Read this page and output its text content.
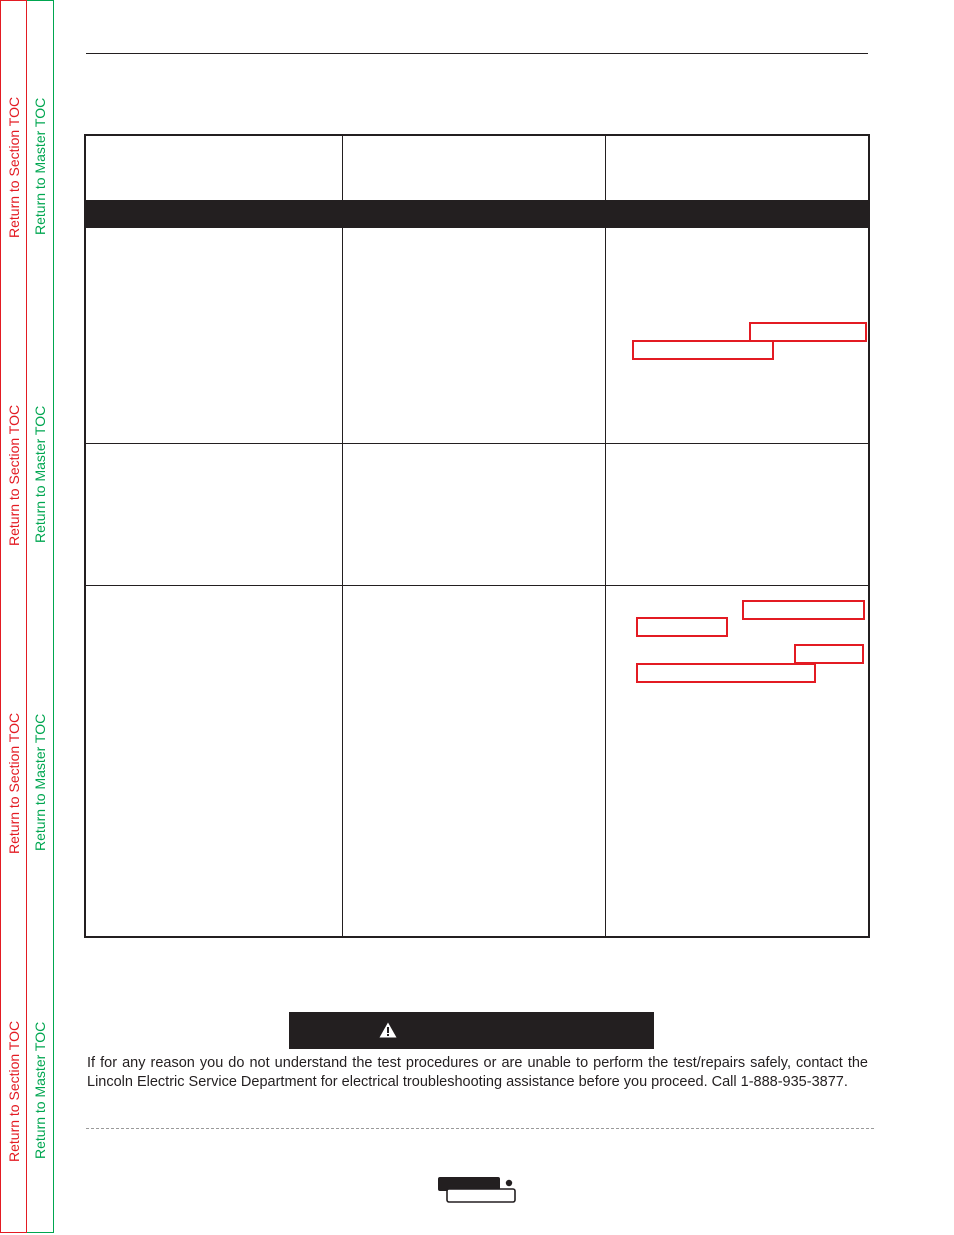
Return to Section TOC Return to Master TOC
Return to Section TOC Return to Master TOC
Return to Section TOC Return to Master TOC
Return to Section TOC Return to Master TOC	If for any reason you do not understand the test procedures or are unable to perform the test/repairs safely, contact the Lincoln Electric Service Department for electrical troubleshooting assistance before you proceed. Call 1-888-935-3877.
